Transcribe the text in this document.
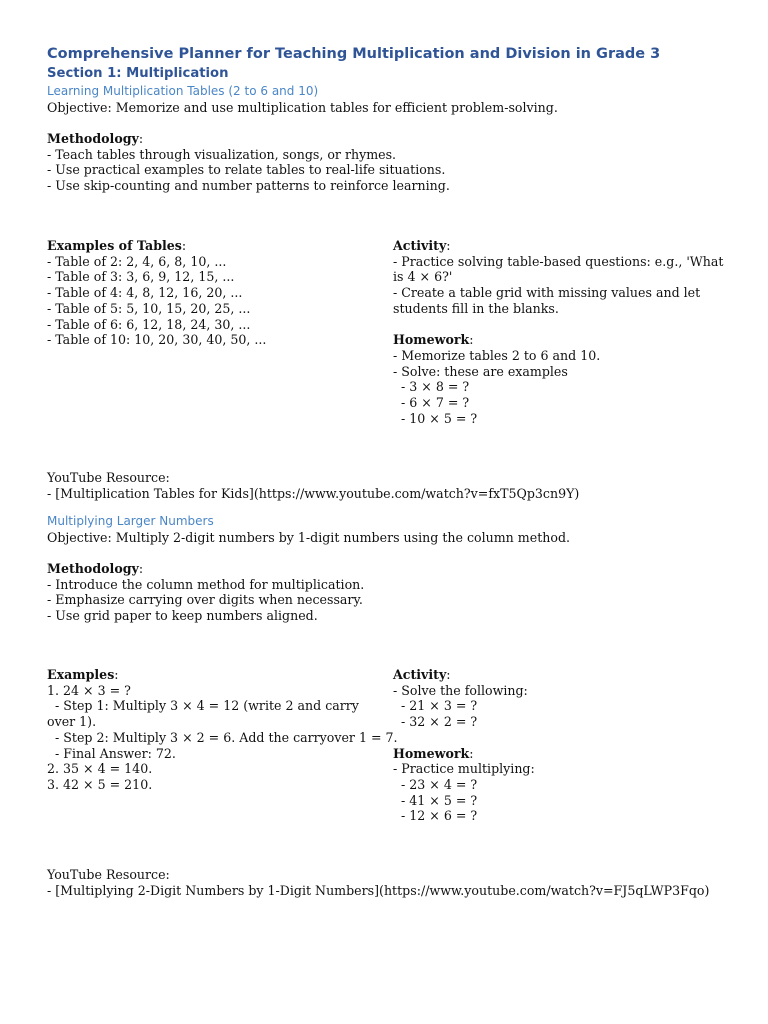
Comprehensive Planner for Teaching Multiplication and Division in Grade 3
Section 1: Multiplication
Learning Multiplication Tables (2 to 6 and 10)
Objective: Memorize and use multiplication tables for efficient problem-solving.
Methodology:
- Teach tables through visualization, songs, or rhymes.
- Use practical examples to relate tables to real-life situations.
- Use skip-counting and number patterns to reinforce learning.
Examples of Tables:
- Table of 2: 2, 4, 6, 8, 10, ...
- Table of 3: 3, 6, 9, 12, 15, ...
- Table of 4: 4, 8, 12, 16, 20, ...
- Table of 5: 5, 10, 15, 20, 25, ...
- Table of 6: 6, 12, 18, 24, 30, ...
- Table of 10: 10, 20, 30, 40, 50, ...
Activity:
- Practice solving table-based questions: e.g., 'What is 4 × 6?'
- Create a table grid with missing values and let students fill in the blanks.
Homework:
- Memorize tables 2 to 6 and 10.
- Solve: these are examples
- 3 × 8 = ?
- 6 × 7 = ?
- 10 × 5 = ?
YouTube Resource:
- [Multiplication Tables for Kids](https://www.youtube.com/watch?v=fxT5Qp3cn9Y)
Multiplying Larger Numbers
Objective: Multiply 2-digit numbers by 1-digit numbers using the column method.
Methodology:
- Introduce the column method for multiplication.
- Emphasize carrying over digits when necessary.
- Use grid paper to keep numbers aligned.
Examples:
1. 24 × 3 = ?
- Step 1: Multiply 3 × 4 = 12 (write 2 and carry over 1).
- Step 2: Multiply 3 × 2 = 6. Add the carryover 1 = 7.
- Final Answer: 72.
2. 35 × 4 = 140.
3. 42 × 5 = 210.
Activity:
- Solve the following:
- 21 × 3 = ?
- 32 × 2 = ?
Homework:
- Practice multiplying:
- 23 × 4 = ?
- 41 × 5 = ?
- 12 × 6 = ?
YouTube Resource:
- [Multiplying 2-Digit Numbers by 1-Digit Numbers](https://www.youtube.com/watch?v=FJ5qLWP3Fqo)
